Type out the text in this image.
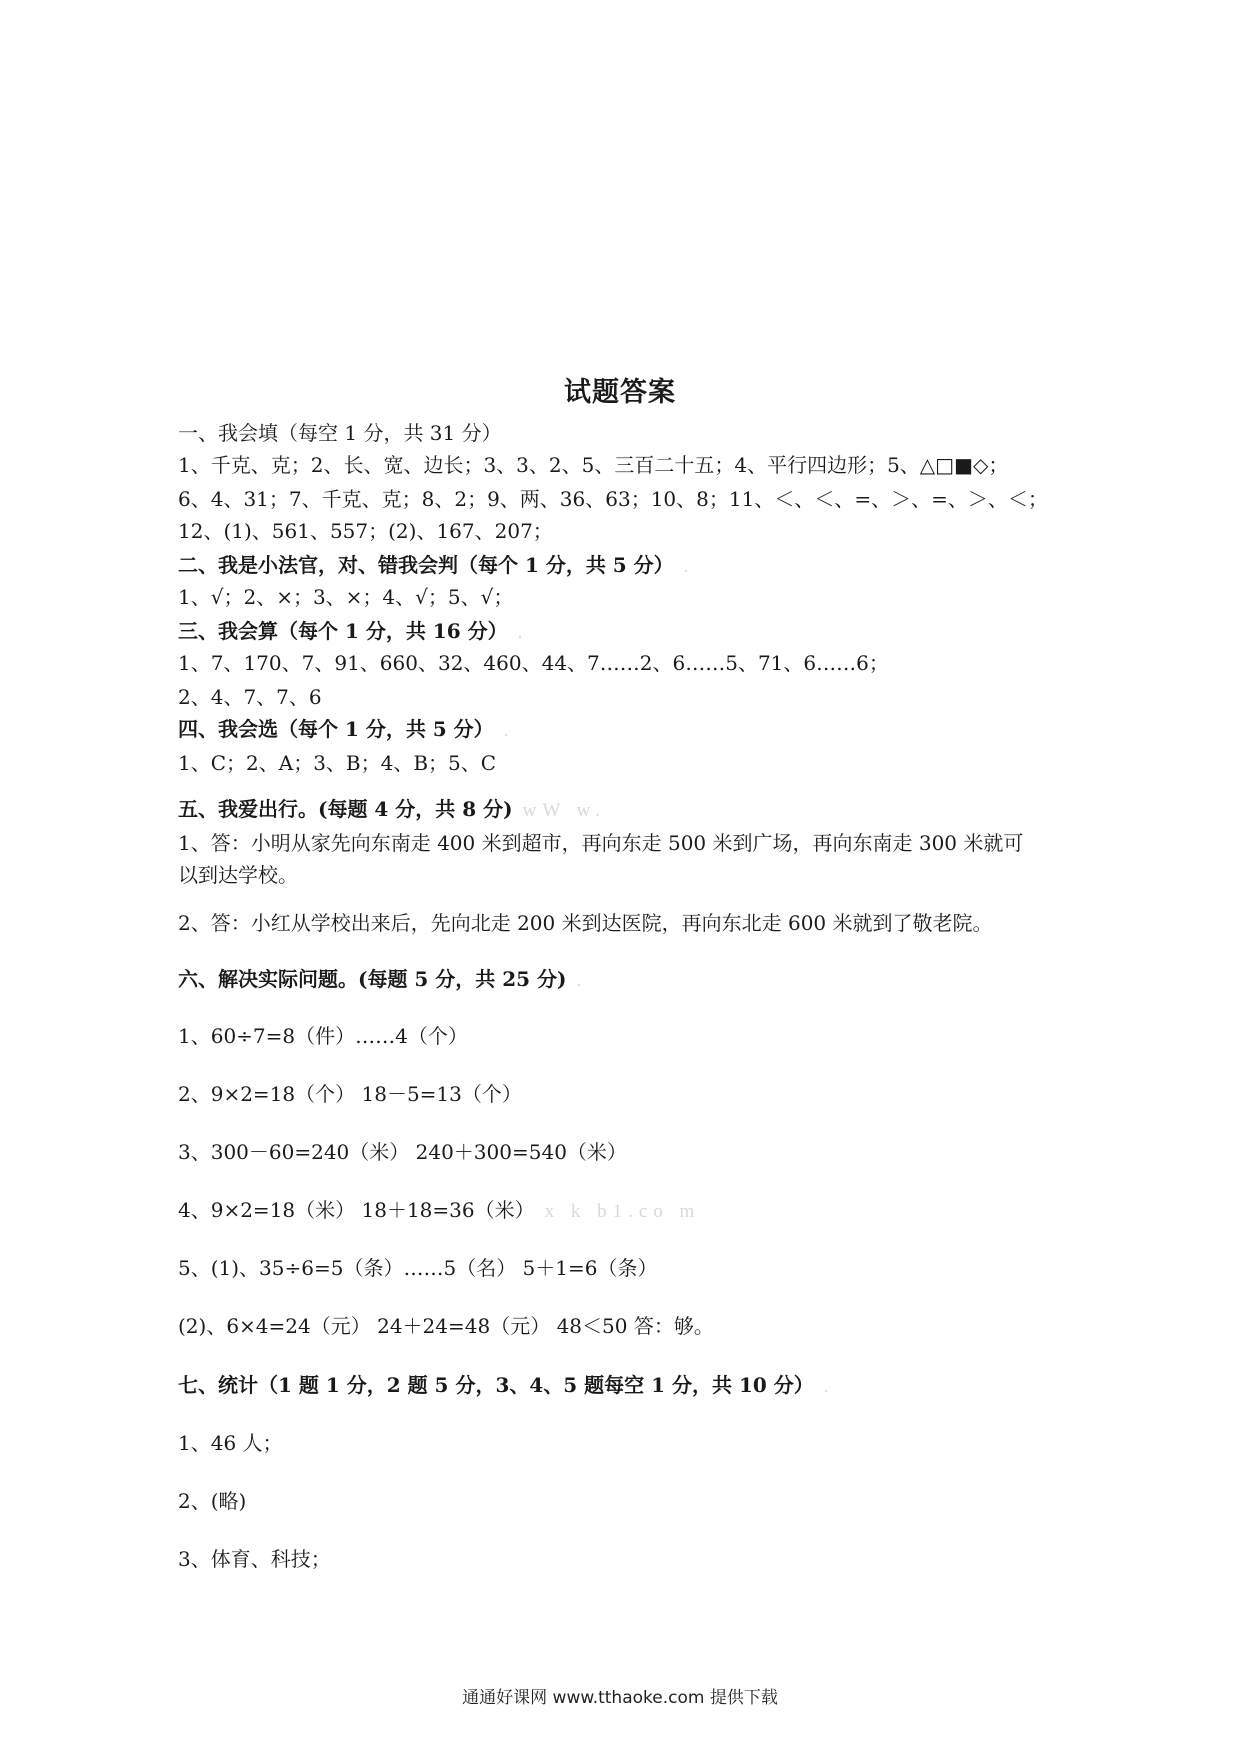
试题答案
一、我会填（每空 1 分，共 31 分）
1、千克、克；2、长、宽、边长；3、3、2、5、三百二十五；4、平行四边形；5、△□■◇；
6、4、31；7、千克、克；8、2；9、两、36、63；10、8；11、＜、＜、=、＞、=、＞、＜；
12、(1)、561、557；(2)、167、207；
二、我是小法官，对、错我会判（每个 1 分，共 5 分） .
1、√；2、×；3、×；4、√；5、√；
三、我会算（每个 1 分，共 16 分） .
1、7、170、7、91、660、32、460、44、7……2、6……5、71、6……6；
2、4、7、7、6
四、我会选（每个 1 分，共 5 分） .
1、C；2、A；3、B；4、B；5、C
五、我爱出行。(每题 4 分，共 8 分) wW w.
1、答：小明从家先向东南走 400 米到超市，再向东走 500 米到广场，再向东南走 300 米就可
以到达学校。
2、答：小红从学校出来后，先向北走 200 米到达医院，再向东北走 600 米就到了敬老院。
六、解决实际问题。(每题 5 分，共 25 分) .
1、60÷7=8（件）……4（个）
2、9×2=18（个） 18－5=13（个）
3、300－60=240（米） 240＋300=540（米）
4、9×2=18（米） 18＋18=36（米） x k b1.co m
5、(1)、35÷6=5（条）……5（名） 5＋1=6（条）
(2)、6×4=24（元） 24＋24=48（元） 48＜50 答：够。
七、统计（1 题 1 分，2 题 5 分，3、4、5 题每空 1 分，共 10 分） .
1、46 人；
2、(略)
3、体育、科技；
通通好课网 www.tthaoke.com 提供下载
